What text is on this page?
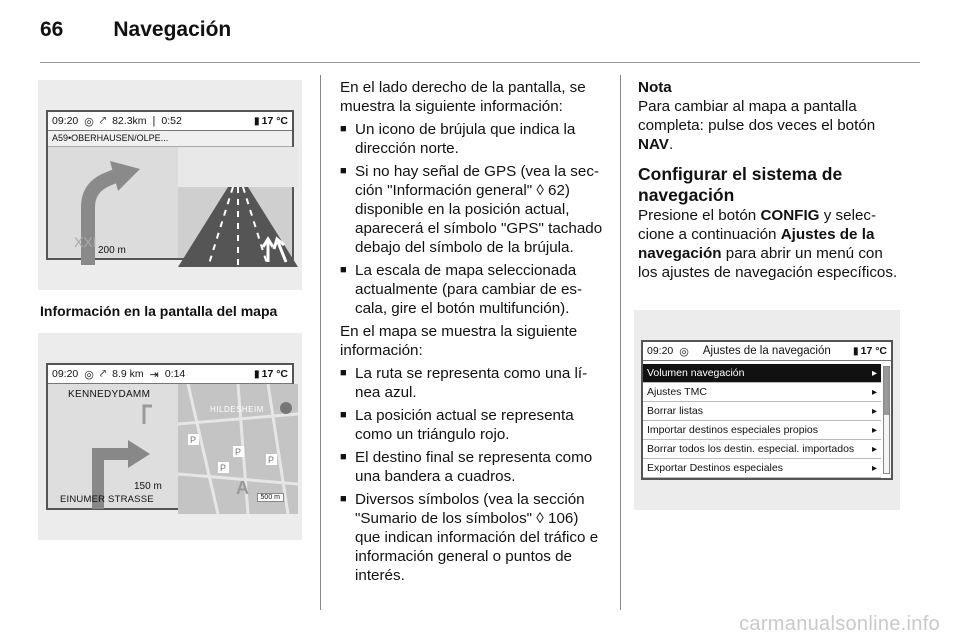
66 Navegación
09:20 ◎ ⤤ 82.3km | 0:52	▮ 17 °C
A59•OBERHAUSEN/OLPE...
XXI
200 m
Información en la pantalla del mapa
09:20 ◎ ⤤ 8.9 km ⇥ 0:14	▮ 17 °C
KENNEDYDAMM
150 m
EINUMER STRASSE
P
P
P
P
A
HILDESHEIM
500 m

En el lado derecho de la pantalla, se muestra la siguiente información:

■ Un icono de brújula que indica la dirección norte.
■ Si no hay señal de GPS (vea la sección "Información general" ◊ 62) disponible en la posición actual, aparecerá el símbolo "GPS" tachado debajo del símbolo de la brújula.
■ La escala de mapa seleccionada actualmente (para cambiar de escala, gire el botón multifunción).

En el mapa se muestra la siguiente información:

■ La ruta se representa como una línea azul.
■ La posición actual se representa como un triángulo rojo.
■ El destino final se representa como una bandera a cuadros.
■ Diversos símbolos (vea la sección "Sumario de los símbolos" ◊ 106) que indican información del tráfico e información general o puntos de interés.
Nota

Para cambiar al mapa a pantalla completa: pulse dos veces el botón NAV.

Configurar el sistema de navegación

Presione el botón CONFIG y seleccione a continuación Ajustes de la navegación para abrir un menú con los ajustes de navegación específicos.

09:20 ◎ Ajustes de la navegación ▮ 17 °C
Volumen navegación	▸
Ajustes TMC	▸
Borrar listas	▸
Importar destinos especiales propios	▸
Borrar todos los destin. especial. importados ▸
Exportar Destinos especiales	▸
carmanualsonline.info
